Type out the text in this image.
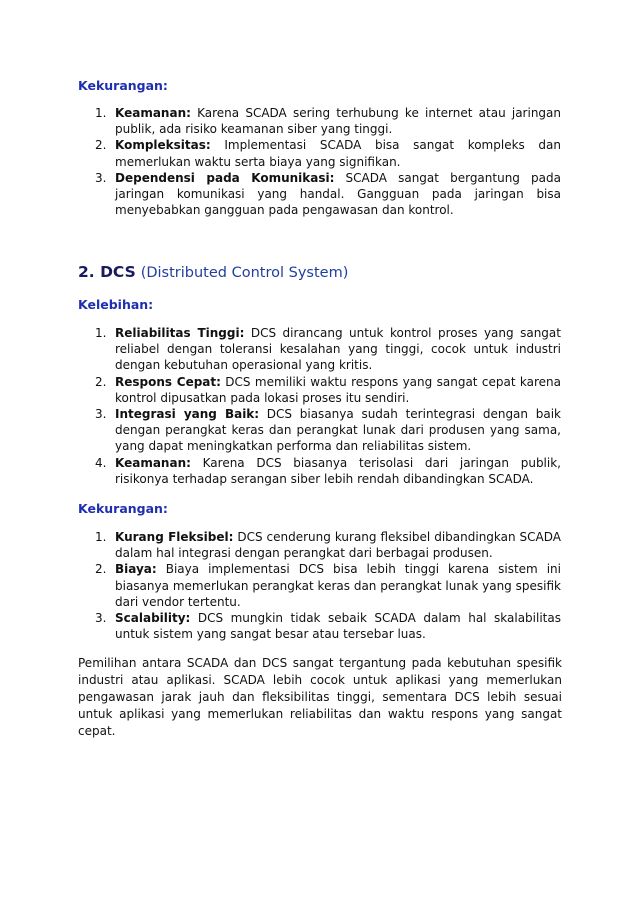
Kekurangan:
1. Keamanan: Karena SCADA sering terhubung ke internet atau jaringan publik, ada risiko keamanan siber yang tinggi.
2. Kompleksitas: Implementasi SCADA bisa sangat kompleks dan memerlukan waktu serta biaya yang signifikan.
3. Dependensi pada Komunikasi: SCADA sangat bergantung pada jaringan komunikasi yang handal. Gangguan pada jaringan bisa menyebabkan gangguan pada pengawasan dan kontrol.
2. DCS (Distributed Control System)
Kelebihan:
1. Reliabilitas Tinggi: DCS dirancang untuk kontrol proses yang sangat reliabel dengan toleransi kesalahan yang tinggi, cocok untuk industri dengan kebutuhan operasional yang kritis.
2. Respons Cepat: DCS memiliki waktu respons yang sangat cepat karena kontrol dipusatkan pada lokasi proses itu sendiri.
3. Integrasi yang Baik: DCS biasanya sudah terintegrasi dengan baik dengan perangkat keras dan perangkat lunak dari produsen yang sama, yang dapat meningkatkan performa dan reliabilitas sistem.
4. Keamanan: Karena DCS biasanya terisolasi dari jaringan publik, risikonya terhadap serangan siber lebih rendah dibandingkan SCADA.
Kekurangan:
1. Kurang Fleksibel: DCS cenderung kurang fleksibel dibandingkan SCADA dalam hal integrasi dengan perangkat dari berbagai produsen.
2. Biaya: Biaya implementasi DCS bisa lebih tinggi karena sistem ini biasanya memerlukan perangkat keras dan perangkat lunak yang spesifik dari vendor tertentu.
3. Scalability: DCS mungkin tidak sebaik SCADA dalam hal skalabilitas untuk sistem yang sangat besar atau tersebar luas.

Pemilihan antara SCADA dan DCS sangat tergantung pada kebutuhan spesifik industri atau aplikasi. SCADA lebih cocok untuk aplikasi yang memerlukan pengawasan jarak jauh dan fleksibilitas tinggi, sementara DCS lebih sesuai untuk aplikasi yang memerlukan reliabilitas dan waktu respons yang sangat cepat.
